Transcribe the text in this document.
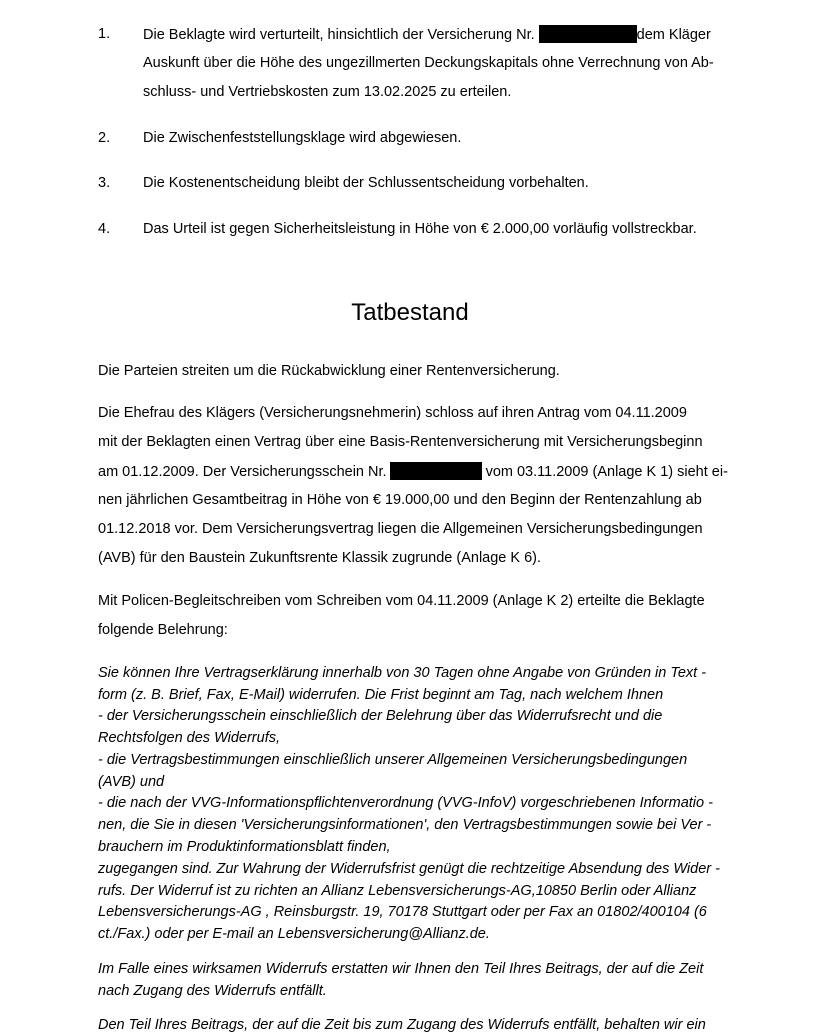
1. Die Beklagte wird verturteilt, hinsichtlich der Versicherung Nr.	dem Kläger
Auskunft über die Höhe des ungezillmerten Deckungskapitals ohne Verrechnung von Ab-
schluss- und Vertriebskosten zum 13.02.2025 zu erteilen.
2. Die Zwischenfeststellungsklage wird abgewiesen.
3. Die Kostenentscheidung bleibt der Schlussentscheidung vorbehalten.
4. Das Urteil ist gegen Sicherheitsleistung in Höhe von € 2.000,00 vorläufig vollstreckbar.
Tatbestand
Die Parteien streiten um die Rückabwicklung einer Rentenversicherung.
Die Ehefrau des Klägers (Versicherungsnehmerin) schloss auf ihren Antrag vom 04.11.2009
mit der Beklagten einen Vertrag über eine Basis-Rentenversicherung mit Versicherungsbeginn
am 01.12.2009. Der Versicherungsschein Nr.	vom 03.11.2009 (Anlage K 1) sieht ei-
nen jährlichen Gesamtbeitrag in Höhe von € 19.000,00 und den Beginn der Rentenzahlung ab
01.12.2018 vor. Dem Versicherungsvertrag liegen die Allgemeinen Versicherungsbedingungen
(AVB) für den Baustein Zukunftsrente Klassik zugrunde (Anlage K 6).
Mit Policen-Begleitschreiben vom Schreiben vom 04.11.2009 (Anlage K 2) erteilte die Beklagte
folgende Belehrung:
Sie können Ihre Vertragserklärung innerhalb von 30 Tagen ohne Angabe von Gründen in Text -
form (z. B. Brief, Fax, E-Mail) widerrufen. Die Frist beginnt am Tag, nach welchem Ihnen
- der Versicherungsschein einschließlich der Belehrung über das Widerrufsrecht und die
Rechtsfolgen des Widerrufs,
- die Vertragsbestimmungen einschließlich unserer Allgemeinen Versicherungsbedingungen
(AVB) und
- die nach der VVG-Informationspflichtenverordnung (VVG-InfoV) vorgeschriebenen Informatio -
nen, die Sie in diesen 'Versicherungsinformationen', den Vertragsbestimmungen sowie bei Ver -
brauchern im Produktinformationsblatt finden,
zugegangen sind. Zur Wahrung der Widerrufsfrist genügt die rechtzeitige Absendung des Wider -
rufs. Der Widerruf ist zu richten an Allianz Lebensversicherungs-AG,10850 Berlin oder Allianz
Lebensversicherungs-AG , Reinsburgstr. 19, 70178 Stuttgart oder per Fax an 01802/400104 (6
ct./Fax.) oder per E-mail an Lebensversicherung@Allianz.de.
Im Falle eines wirksamen Widerrufs erstatten wir Ihnen den Teil Ihres Beitrags, der auf die Zeit
nach Zugang des Widerrufs entfällt.
Den Teil Ihres Beitrags, der auf die Zeit bis zum Zugang des Widerrufs entfällt, behalten wir ein
